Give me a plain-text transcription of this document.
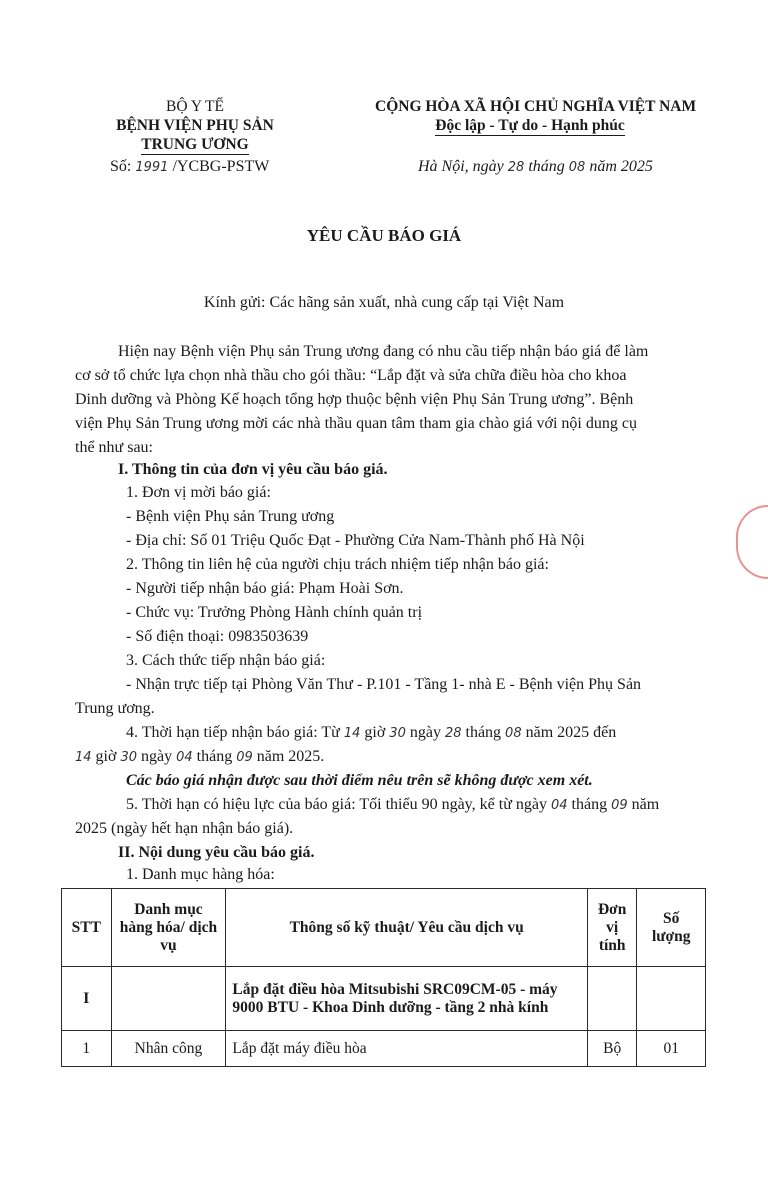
BỘ Y TẾ
BỆNH VIỆN PHỤ SẢN
TRUNG ƯƠNG
Số: 1991 /YCBG-PSTW
CỘNG HÒA XÃ HỘI CHỦ NGHĨA VIỆT NAM
Độc lập - Tự do - Hạnh phúc
Hà Nội, ngày 28 tháng 08 năm 2025
YÊU CẦU BÁO GIÁ
Kính gửi: Các hãng sản xuất, nhà cung cấp tại Việt Nam
Hiện nay Bệnh viện Phụ sản Trung ương đang có nhu cầu tiếp nhận báo giá để làm
cơ sở tổ chức lựa chọn nhà thầu cho gói thầu: “Lắp đặt và sửa chữa điều hòa cho khoa
Dinh dưỡng và Phòng Kế hoạch tổng hợp thuộc bệnh viện Phụ Sản Trung ương”. Bệnh
viện Phụ Sản Trung ương mời các nhà thầu quan tâm tham gia chào giá với nội dung cụ
thể như sau:
I. Thông tin của đơn vị yêu cầu báo giá.
1. Đơn vị mời báo giá:
- Bệnh viện Phụ sản Trung ương
- Địa chỉ: Số 01 Triệu Quốc Đạt - Phường Cửa Nam-Thành phố Hà Nội
2. Thông tin liên hệ của người chịu trách nhiệm tiếp nhận báo giá:
- Người tiếp nhận báo giá: Phạm Hoài Sơn.
- Chức vụ: Trưởng Phòng Hành chính quản trị
- Số điện thoại: 0983503639
3. Cách thức tiếp nhận báo giá:
- Nhận trực tiếp tại Phòng Văn Thư - P.101 - Tầng 1- nhà E - Bệnh viện Phụ Sản
Trung ương.
4. Thời hạn tiếp nhận báo giá: Từ 14 giờ 30 ngày 28 tháng 08 năm 2025 đến
14 giờ 30 ngày 04 tháng 09 năm 2025.
Các báo giá nhận được sau thời điểm nêu trên sẽ không được xem xét.
5. Thời hạn có hiệu lực của báo giá: Tối thiểu 90 ngày, kể từ ngày 04 tháng 09 năm
2025 (ngày hết hạn nhận báo giá).
II. Nội dung yêu cầu báo giá.
1. Danh mục hàng hóa:
STT	Danh mục hàng hóa/ dịch vụ	Thông số kỹ thuật/ Yêu cầu dịch vụ	Đơn vị tính	Số lượng
I		Lắp đặt điều hòa Mitsubishi SRC09CM-05 - máy 9000 BTU - Khoa Dinh dưỡng - tầng 2 nhà kính		
1	Nhân công	Lắp đặt máy điều hòa	Bộ	01
